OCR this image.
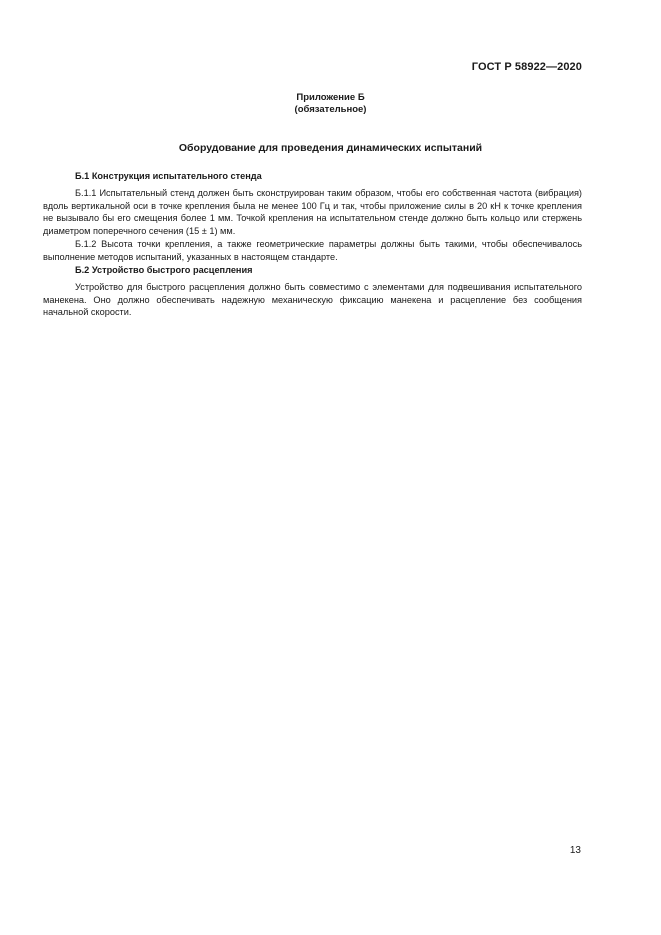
ГОСТ Р 58922—2020
Приложение Б
(обязательное)
Оборудование для проведения динамических испытаний

Б.1 Конструкция испытательного стенда

Б.1.1 Испытательный стенд должен быть сконструирован таким образом, чтобы его собственная частота (вибрация) вдоль вертикальной оси в точке крепления была не менее 100 Гц и так, чтобы приложение силы в 20 кН к точке крепления не вызывало бы его смещения более 1 мм. Точкой крепления на испытательном стенде должно быть кольцо или стержень диаметром поперечного сечения (15 ± 1) мм.

Б.1.2 Высота точки крепления, а также геометрические параметры должны быть такими, чтобы обеспечивалось выполнение методов испытаний, указанных в настоящем стандарте.

Б.2 Устройство быстрого расцепления

Устройство для быстрого расцепления должно быть совместимо с элементами для подвешивания испытательного манекена. Оно должно обеспечивать надежную механическую фиксацию манекена и расцепление без сообщения начальной скорости.

13
